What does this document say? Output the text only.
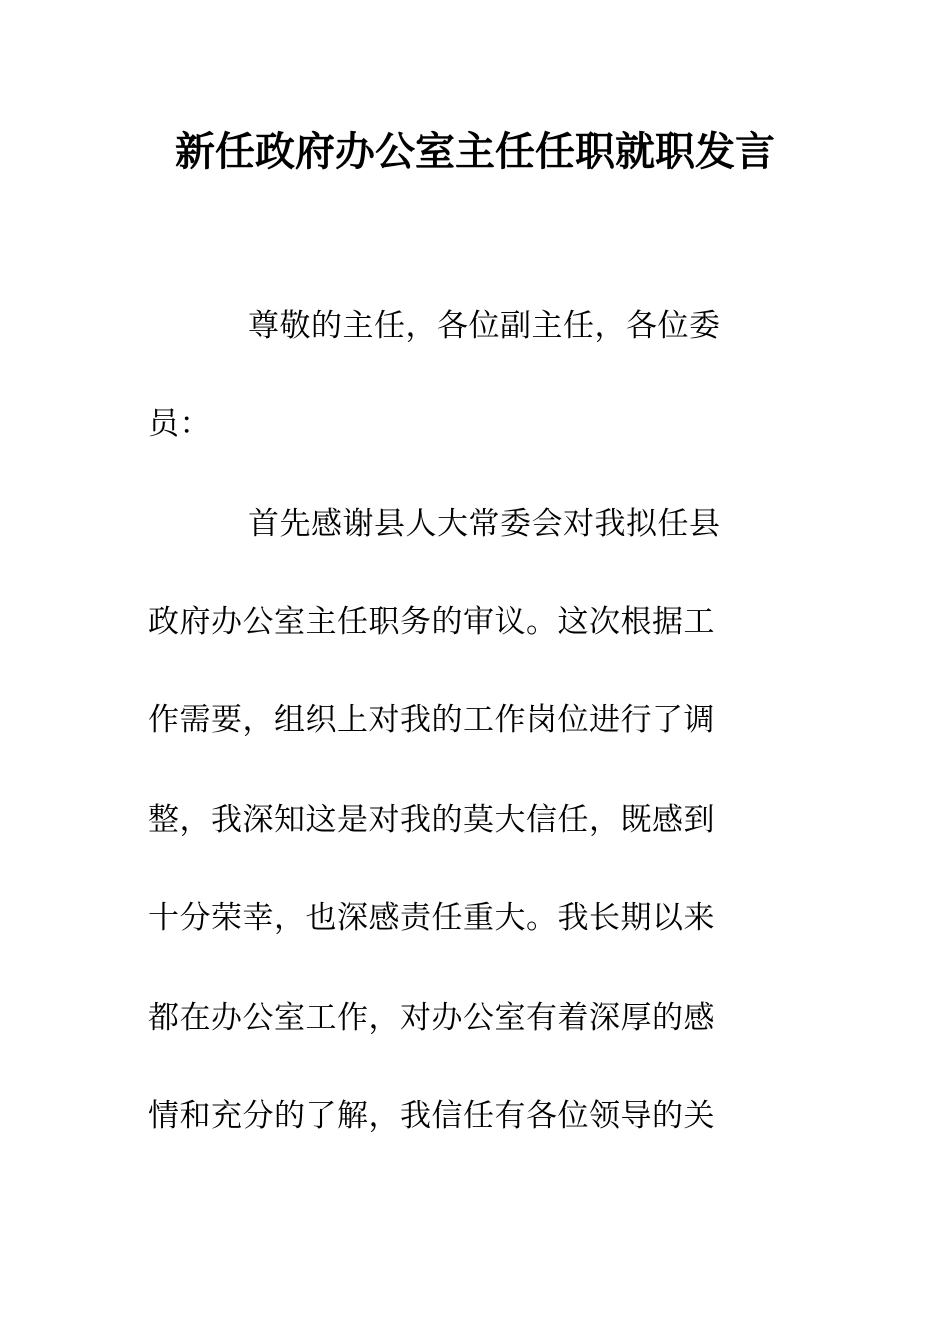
新任政府办公室主任任职就职发言
尊敬的主任，各位副主任，各位委
员：
首先感谢县人大常委会对我拟任县
政府办公室主任职务的审议。这次根据工
作需要，组织上对我的工作岗位进行了调
整，我深知这是对我的莫大信任，既感到
十分荣幸，也深感责任重大。我长期以来
都在办公室工作，对办公室有着深厚的感
情和充分的了解，我信任有各位领导的关
